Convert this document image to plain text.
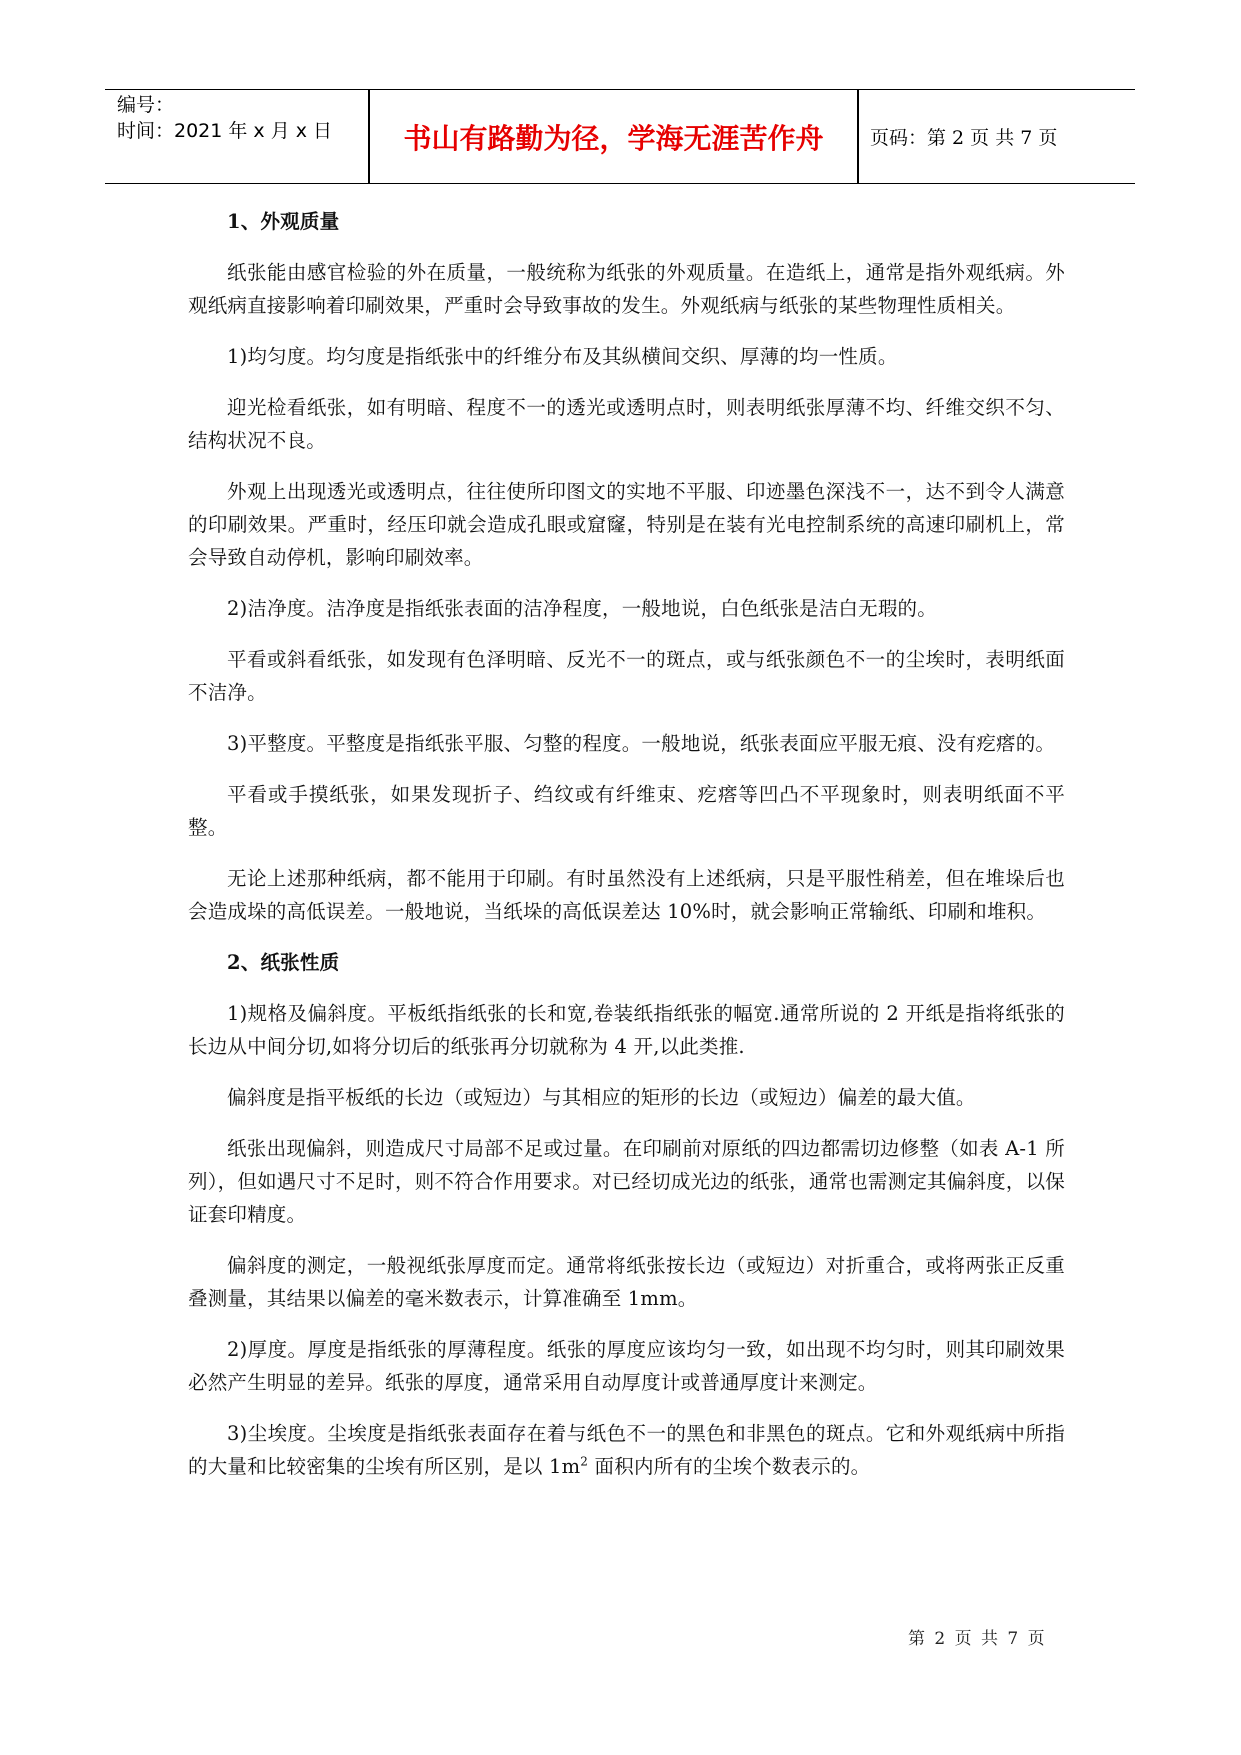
编号：
时间：2021 年 x 月 x 日	书山有路勤为径，学海无涯苦作舟	页码：第 2 页 共 7 页

1、外观质量

纸张能由感官检验的外在质量，一般统称为纸张的外观质量。在造纸上，通常是指外观纸病。外观纸病直接影响着印刷效果，严重时会导致事故的发生。外观纸病与纸张的某些物理性质相关。

1)均匀度。均匀度是指纸张中的纤维分布及其纵横间交织、厚薄的均一性质。

迎光检看纸张，如有明暗、程度不一的透光或透明点时，则表明纸张厚薄不均、纤维交织不匀、结构状况不良。

外观上出现透光或透明点，往往使所印图文的实地不平服、印迹墨色深浅不一，达不到令人满意的印刷效果。严重时，经压印就会造成孔眼或窟窿，特别是在装有光电控制系统的高速印刷机上，常会导致自动停机，影响印刷效率。

2)洁净度。洁净度是指纸张表面的洁净程度，一般地说，白色纸张是洁白无瑕的。

平看或斜看纸张，如发现有色泽明暗、反光不一的斑点，或与纸张颜色不一的尘埃时，表明纸面不洁净。

3)平整度。平整度是指纸张平服、匀整的程度。一般地说，纸张表面应平服无痕、没有疙瘩的。

平看或手摸纸张，如果发现折子、绉纹或有纤维束、疙瘩等凹凸不平现象时，则表明纸面不平整。

无论上述那种纸病，都不能用于印刷。有时虽然没有上述纸病，只是平服性稍差，但在堆垛后也会造成垛的高低误差。一般地说，当纸垛的高低误差达 10%时，就会影响正常输纸、印刷和堆积。

2、纸张性质

1)规格及偏斜度。平板纸指纸张的长和宽,卷装纸指纸张的幅宽.通常所说的 2 开纸是指将纸张的长边从中间分切,如将分切后的纸张再分切就称为 4 开,以此类推.

偏斜度是指平板纸的长边（或短边）与其相应的矩形的长边（或短边）偏差的最大值。

纸张出现偏斜，则造成尺寸局部不足或过量。在印刷前对原纸的四边都需切边修整（如表 A-1 所列），但如遇尺寸不足时，则不符合作用要求。对已经切成光边的纸张，通常也需测定其偏斜度，以保证套印精度。

偏斜度的测定，一般视纸张厚度而定。通常将纸张按长边（或短边）对折重合，或将两张正反重叠测量，其结果以偏差的毫米数表示，计算准确至 1mm。

2)厚度。厚度是指纸张的厚薄程度。纸张的厚度应该均匀一致，如出现不均匀时，则其印刷效果必然产生明显的差异。纸张的厚度，通常采用自动厚度计或普通厚度计来测定。

3)尘埃度。尘埃度是指纸张表面存在着与纸色不一的黑色和非黑色的斑点。它和外观纸病中所指的大量和比较密集的尘埃有所区别，是以 $1m^2$ 面积内所有的尘埃个数表示的。

第 2 页 共 7 页
